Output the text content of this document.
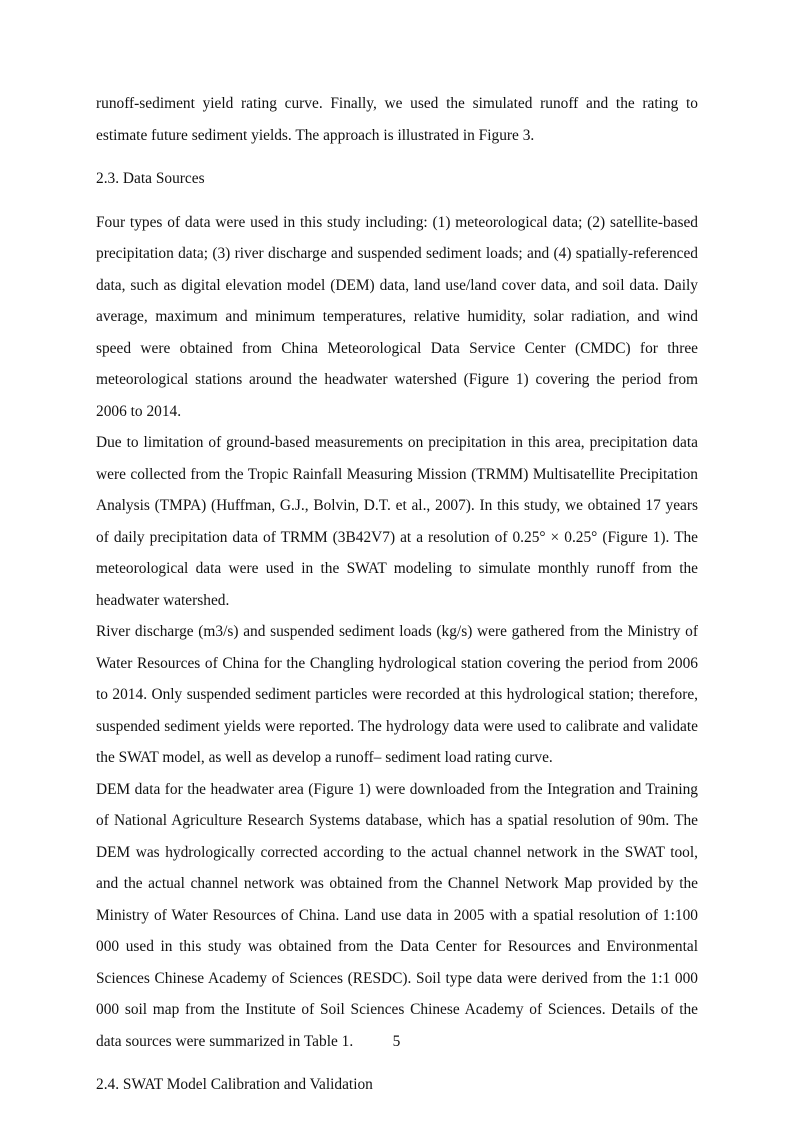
runoff-sediment yield rating curve. Finally, we used the simulated runoff and the rating to estimate future sediment yields. The approach is illustrated in Figure 3.

2.3. Data Sources

Four types of data were used in this study including: (1) meteorological data; (2) satellite-based precipitation data; (3) river discharge and suspended sediment loads; and (4) spatially-referenced data, such as digital elevation model (DEM) data, land use/land cover data, and soil data. Daily average, maximum and minimum temperatures, relative humidity, solar radiation, and wind speed were obtained from China Meteorological Data Service Center (CMDC) for three meteorological stations around the headwater watershed (Figure 1) covering the period from 2006 to 2014.

Due to limitation of ground-based measurements on precipitation in this area, precipitation data were collected from the Tropic Rainfall Measuring Mission (TRMM) Multisatellite Precipitation Analysis (TMPA) (Huffman, G.J., Bolvin, D.T. et al., 2007). In this study, we obtained 17 years of daily precipitation data of TRMM (3B42V7) at a resolution of 0.25° × 0.25° (Figure 1). The meteorological data were used in the SWAT modeling to simulate monthly runoff from the headwater watershed.

River discharge (m3/s) and suspended sediment loads (kg/s) were gathered from the Ministry of Water Resources of China for the Changling hydrological station covering the period from 2006 to 2014. Only suspended sediment particles were recorded at this hydrological station; therefore, suspended sediment yields were reported. The hydrology data were used to calibrate and validate the SWAT model, as well as develop a runoff– sediment load rating curve.

DEM data for the headwater area (Figure 1) were downloaded from the Integration and Training of National Agriculture Research Systems database, which has a spatial resolution of 90m. The DEM was hydrologically corrected according to the actual channel network in the SWAT tool, and the actual channel network was obtained from the Channel Network Map provided by the Ministry of Water Resources of China. Land use data in 2005 with a spatial resolution of 1:100 000 used in this study was obtained from the Data Center for Resources and Environmental Sciences Chinese Academy of Sciences (RESDC). Soil type data were derived from the 1:1 000 000 soil map from the Institute of Soil Sciences Chinese Academy of Sciences. Details of the data sources were summarized in Table 1.

2.4. SWAT Model Calibration and Validation
5
